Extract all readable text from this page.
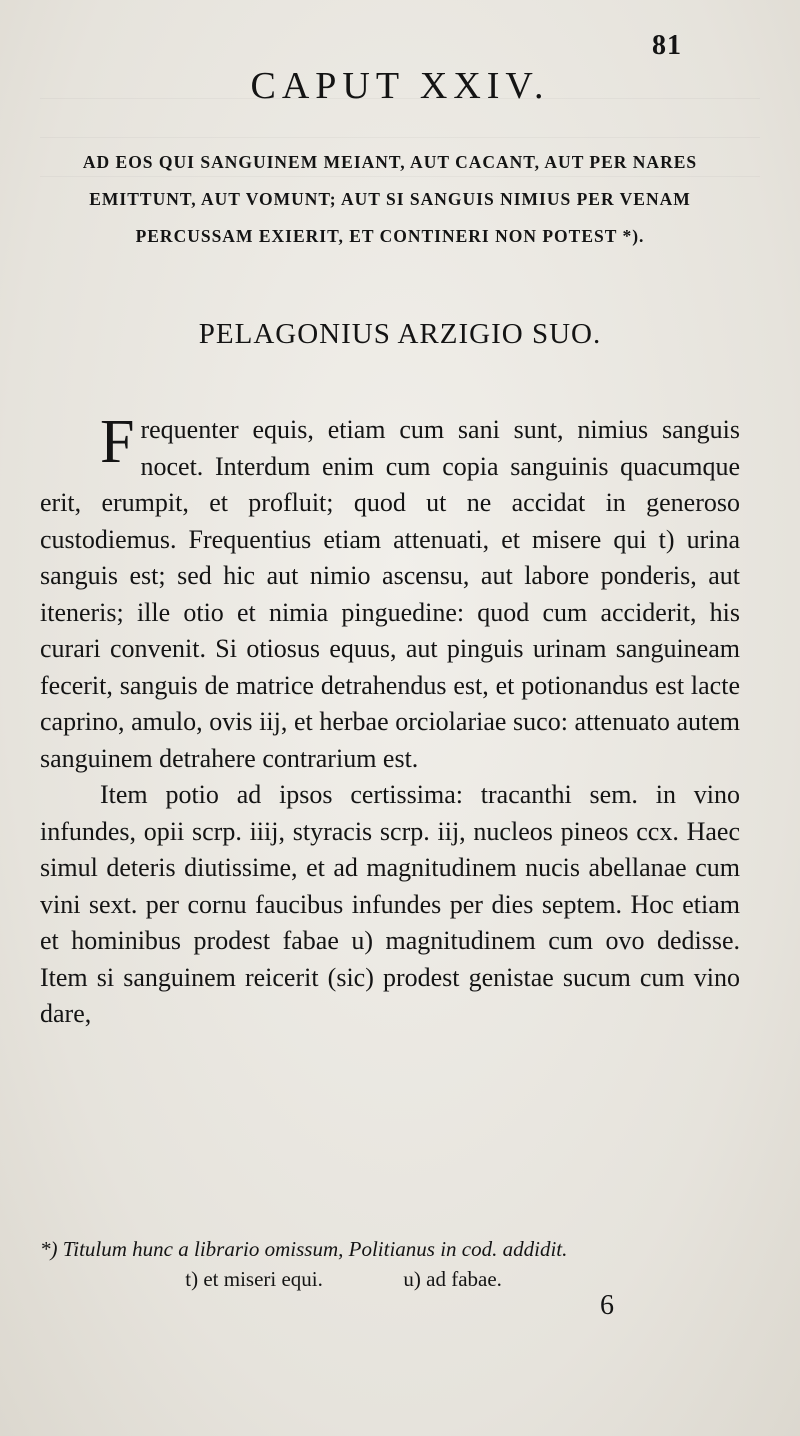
81
CAPUT XXIV.
AD EOS QUI SANGUINEM MEIANT, AUT CACANT, AUT PER NARES EMITTUNT, AUT VOMUNT; AUT SI SANGUIS NIMIUS PER VENAM PERCUSSAM EXIERIT, ET CONTINERI NON POTEST *).
PELAGONIUS ARZIGIO SUO.

Frequenter equis, etiam cum sani sunt, nimius sanguis nocet. Interdum enim cum copia sanguinis quacumque erit, erumpit, et profluit; quod ut ne accidat in generoso custodiemus. Frequentius etiam attenuati, et misere qui t) urina sanguis est; sed hic aut nimio ascensu, aut labore ponderis, aut iteneris; ille otio et nimia pinguedine: quod cum acciderit, his curari convenit. Si otiosus equus, aut pinguis urinam sanguineam fecerit, sanguis de matrice detrahendus est, et potionandus est lacte caprino, amulo, ovis iij, et herbae orciolariae suco: attenuato autem sanguinem detrahere contrarium est.

Item potio ad ipsos certissima: tracanthi sem. in vino infundes, opii scrp. iiij, styracis scrp. iij, nucleos pineos ccx. Haec simul deteris diutissime, et ad magnitudinem nucis abellanae cum vini sext. per cornu faucibus infundes per dies septem. Hoc etiam et hominibus prodest fabae u) magnitudinem cum ovo dedisse. Item si sanguinem reicerit (sic) prodest genistae sucum cum vino dare,

*) Titulum hunc a librario omissum, Politianus in cod. addidit.
t) et miseri equi.	u) ad fabae.
6
